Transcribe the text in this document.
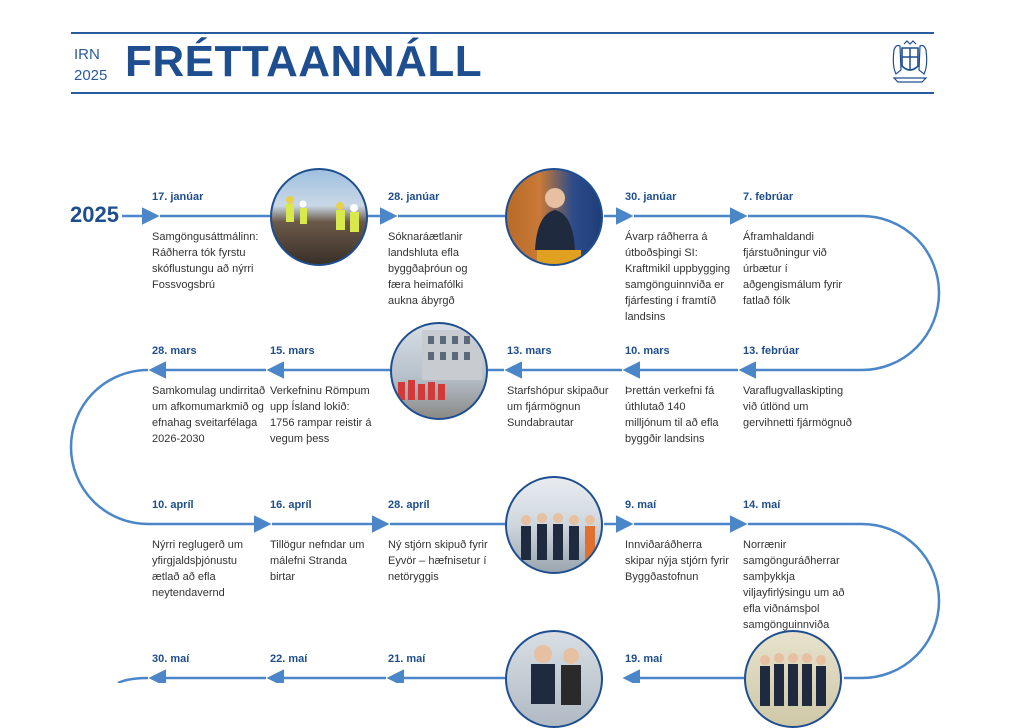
IRN
2025 FRÉTTAANNÁLL
2025
17. janúar
Samgöngusáttmálinn: Ráðherra tók fyrstu skóflustungu að nýrri Fossvogsbrú
28. janúar
Sóknaráætlanir landshluta efla byggðaþróun og færa heimafólki aukna ábyrgð
30. janúar
Ávarp ráðherra á útboðsþingi SI: Kraftmikil uppbygging samgönguinnviða er fjárfesting í framtíð landsins
7. febrúar
Áframhaldandi fjárstuðningur við úrbætur í aðgengismálum fyrir fatlað fólk
28. mars
Samkomulag undirritað um afkomumarkmið og efnahag sveitarfélaga 2026-2030
15. mars
Verkefninu Römpum upp Ísland lokið: 1756 rampar reistir á vegum þess
13. mars
Starfshópur skipaður um fjármögnun Sundabrautar
10. mars
Þrettán verkefni fá úthlutað 140 milljónum til að efla byggðir landsins
13. febrúar
Varaflugvallaskipting við útlönd um gervihnetti fjármögnuð
10. apríl
Nýrri reglugerð um yfirgjaldsþjónustu ætlað að efla neytendavernd
16. apríl
Tillögur nefndar um málefni Stranda birtar
28. apríl
Ný stjórn skipuð fyrir Eyvör – hæfnisetur í netöryggis
9. maí
Innviðaráðherra skipar nýja stjórn fyrir Byggðastofnun
14. maí
Norrænir samgönguráðherrar samþykkja viljayfirlýsingu um að efla viðnámsþol samgönguinnviða
30. maí	22. maí	21. maí	19. maí
